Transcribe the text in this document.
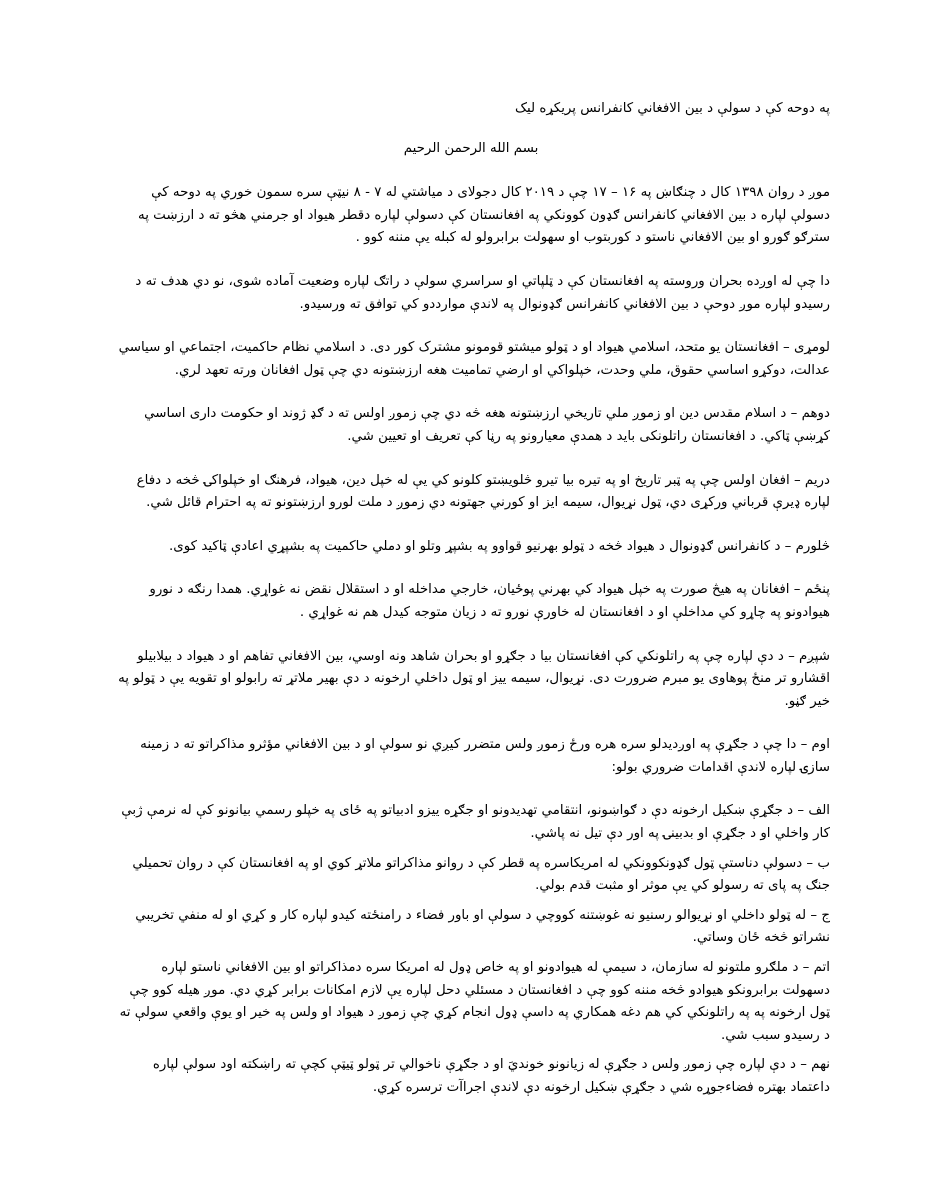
په دوحه کې د سولې د بين الافغاني کانفرانس پريکړه ليک

بسم الله الرحمن الرحیم

موږ د روان ۱۳۹۸ کال د چنګاښ په ۱۶ – ۱۷ چې د ۲۰۱۹ کال دجولای د مياشتي له ۷ - ۸ نيټې سره سمون خوري په دوحه کې دسولې لپاره د بين الافغاني کانفرانس ګډون کوونکي په افغانستان کې دسولې لپاره دقطر هيواد او جرمني هڅو ته د ارزښت په سترګو ګورو او بين الافغاني ناستو د کوربتوب او سهولت برابرولو له کبله يې مننه کوو .

دا چې له اوږده بحران وروسته په افغانستان کې د ټلپاتي او سراسري سولې د راتګ لپاره وضعيت آماده شوی، نو دي هدف ته د رسيدو لپاره موږ دوحې د بين الافغاني کانفرانس ګډونوال په لاندې موارددو کي توافق ته ورسيدو.

لومړی – افغانستان يو متحد، اسلامي هيواد او د ټولو ميشتو قومونو مشترک کور دی. د اسلامي نظام حاکميت، اجتماعي او سياسي عدالت، دوکړو اساسي حقوق، ملي وحدت، خپلواکي او ارضي تماميت هغه ارزښتونه دي چې ټول افغانان ورته تعهد لري.

دوهم – د اسلام مقدس دين او زموږ ملي تاريخي ارزښتونه هغه څه دي چې زموږ اولس ته د ګډ ژوند او حکومت داری اساسي کړښې ټاکي. د افغانستان راتلونکی بايد د همدې معيارونو په رڼا کې تعريف او تعيين شي.

دريم – افغان اولس چې په ټبر تاريخ او په تيره بيا تيرو څلويښتو کلونو کي يې له خپل دين، هيواد، فرهنګ او خپلواکۍ څخه د دفاع لپاره ډيرې قرباني ورکړی دي، ټول نړيوال، سيمه ايز او کورني جهتونه دي زموږ د ملت لورو ارزښتونو ته په احترام قائل شي.

څلورم – د کانفرانس ګډونوال د هيواد څخه د ټولو بهرنيو قواوو په بشپړ وتلو او دملي حاکميت په بشپړي اعادې ټاکيد کوی.

پنځم – افغانان په هيڅ صورت په خپل هيواد کي بهرني پوځيان، خارجي مداخله او د استقلال نقض نه غواړي. همدا رنګه د نورو هيوادونو په چاړو کي مداخلې او د افغانستان له خاورې نورو ته د زيان متوجه کيدل هم نه غواړي .

شپږم – د دې لپاره چې په راتلونکي کې افغانستان بيا د جګړو او بحران شاهد ونه اوسي، بين الافغاني تفاهم او د هيواد د بيلابيلو اقشارو تر منځ پوهاوی يو مبرم ضرورت دی. نړيوال، سيمه ييز او ټول داخلي ارخونه د دې بهير ملاتړ ته رابولو او تقويه يې د ټولو په خير ګڼو.

اوم – دا چې د جګړې په اوږديدلو سره هره ورځ زموږ ولس متضرر کيږي نو سولې او د بين الافغاني مؤثرو مذاکراتو ته د زمينه سازۍ لپاره لاندې اقدامات ضروري بولو:

الف – د جګړې ښکيل ارخونه دې د ګواښونو، انتقامي تهديدونو او جګړه ييزو ادبياتو په ځای په خپلو رسمي بيانونو کې له نرمې ژبې کار واخلي او د جګړې او بدبينۍ په اور دې تيل نه پاشي.

ب – دسولې دناستې ټول ګډونکوونکي له امريکاسره په قطر کې د روانو مذاکراتو ملاتړ کوي او په افغانستان کې د روان تحميلي جنګ په پای ته رسولو کي يې موثر او مثبت قدم بولي.

ج – له ټولو داخلي او نړيوالو رسنيو نه غوښتنه کووچي د سولې او باور فضاء د رامنځته کيدو لپاره کار و کړي او له منفي تخريبي نشراتو څخه ځان وساتي.

اتم – د ملګرو ملتونو له سازمان، د سيمې له هيوادونو او په خاص ډول له امريکا سره دمذاکراتو او بين الافغاني ناستو لپاره دسهولت برابرونکو هيوادو څخه مننه کوو چې د افغانستان د مسئلي دحل لپاره يې لازم امکانات برابر کړي دي. موږ هيله کوو چې ټول ارخونه په په راتلونکي کي هم دغه همکاري په داسې ډول انجام کړي چې زموږ د هيواد او ولس په خير او يوې واقعي سولې ته د رسيدو سبب شي.

نهم – د دې لپاره چې زموږ ولس د جګړې له زيانونو خونديَ او د جګړې ناخوالي تر ټولو ټيټې کچې ته راښکته اود سولې لپاره داعتماد بهتره فضاءجوړه شي د جګړې ښکيل ارخونه دې لاندې اجراآت ترسره کړي.
